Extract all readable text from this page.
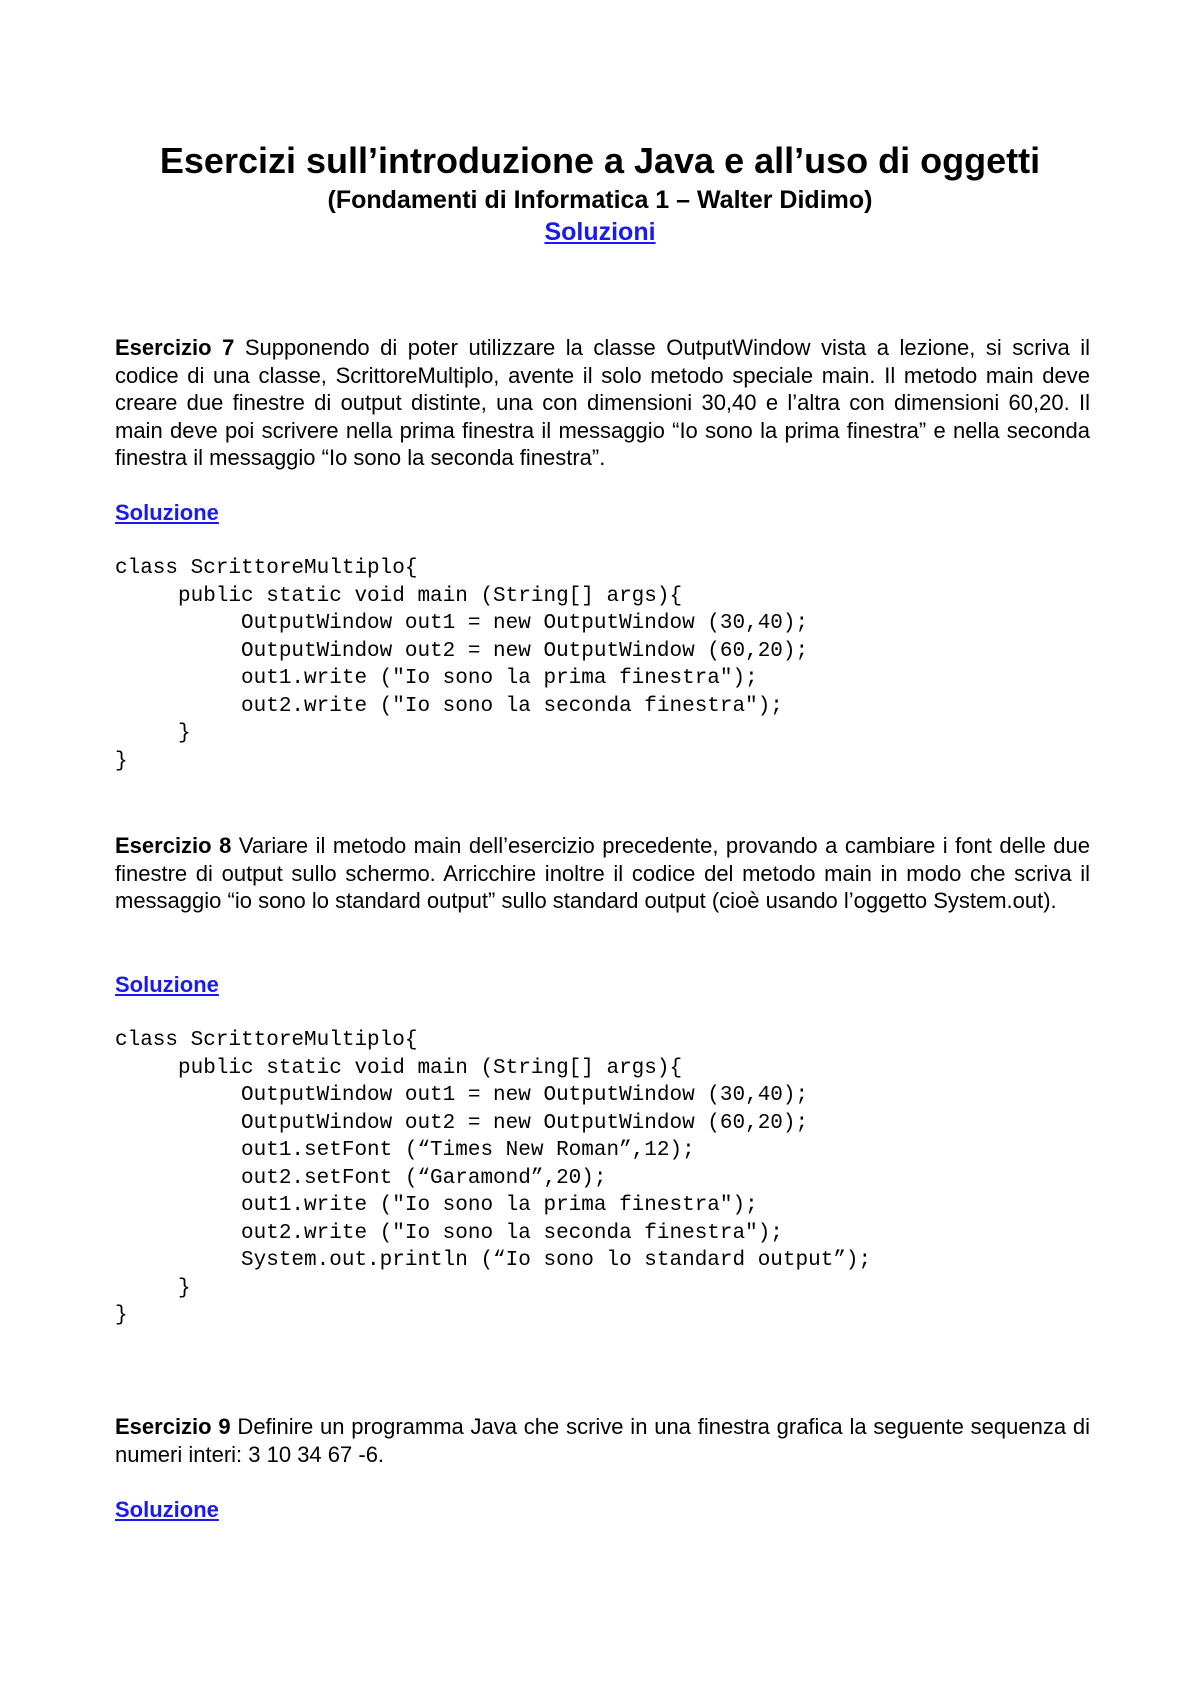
Esercizi sull’introduzione a Java e all’uso di oggetti
(Fondamenti di Informatica 1 – Walter Didimo)
Soluzioni
Esercizio 7 Supponendo di poter utilizzare la classe OutputWindow vista a lezione, si scriva il codice di una classe, ScrittoreMultiplo, avente il solo metodo speciale main. Il metodo main deve creare due finestre di output distinte, una con dimensioni 30,40 e l’altra con dimensioni 60,20. Il main deve poi scrivere nella prima finestra il messaggio “Io sono la prima finestra” e nella seconda finestra il messaggio “Io sono la seconda finestra”.
Soluzione
class ScrittoreMultiplo{
public static void main (String[] args){
OutputWindow out1 = new OutputWindow (30,40);
OutputWindow out2 = new OutputWindow (60,20);
out1.write ("Io sono la prima finestra");
out2.write ("Io sono la seconda finestra");
}
}
Esercizio 8 Variare il metodo main dell’esercizio precedente, provando a cambiare i font delle due finestre di output sullo schermo. Arricchire inoltre il codice del metodo main in modo che scriva il messaggio “io sono lo standard output” sullo standard output (cioè usando l’oggetto System.out).
Soluzione
class ScrittoreMultiplo{
public static void main (String[] args){
OutputWindow out1 = new OutputWindow (30,40);
OutputWindow out2 = new OutputWindow (60,20);
out1.setFont (“Times New Roman”,12);
out2.setFont (“Garamond”,20);
out1.write ("Io sono la prima finestra");
out2.write ("Io sono la seconda finestra");
System.out.println (“Io sono lo standard output”);
}
}
Esercizio 9 Definire un programma Java che scrive in una finestra grafica la seguente sequenza di numeri interi: 3 10 34 67 -6.
Soluzione
